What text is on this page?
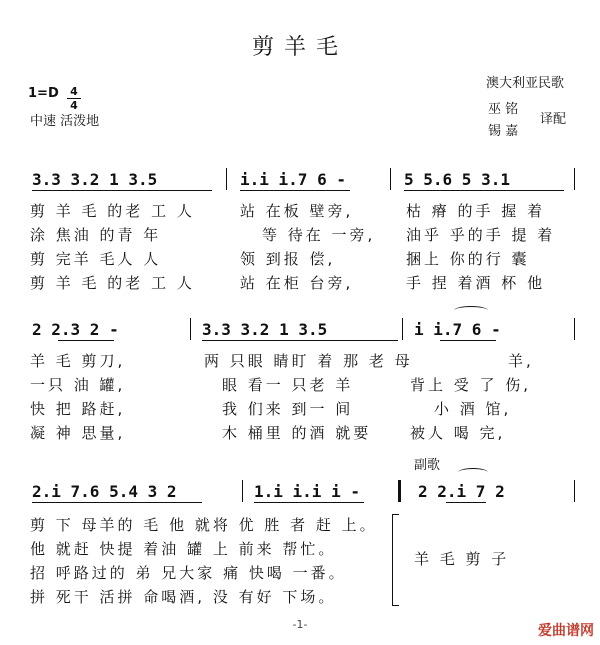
剪羊毛
1=D 4
4
中速 活泼地
澳大利亚民歌
巫 铭
锡 嘉
译配
3.3 3.2 1 3.5	i.i i.7 6 -	5 5.6 5 3.1
剪 羊 毛 的老 工 人	站 在板 壁旁,	枯 瘠 的手 握 着
涂 焦油 的青 年	等 待在 一旁, 油乎 乎的手 提 着
剪 完羊 毛人 人	领 到报 偿,	捆上 你的行 囊
剪 羊 毛 的老 工 人	站 在柜 台旁,	手 捏 着酒 杯 他
2 2.3 2 -	3.3 3.2 1 3.5	i i.7 6 -
羊 毛 剪刀,	两 只眼 睛盯 着 那 老 母	羊,
一只 油 罐,	眼 看一 只老 羊	背上 受 了 伤,
快 把 路赶,	我 们来 到一 间	小 酒 馆,
凝 神 思量,	木 桶里 的酒 就要	被人 喝 完,
副歌
2.i 7.6 5.4 3 2	1.i i.i i -	2 2.i 7 2
剪 下 母羊的 毛 他 就将 优 胜 者 赶 上。
他 就赶 快提 着油 罐 上 前来 帮忙。
招 呼路过的 弟 兄大家 痛 快喝 一番。
拼 死干 活拼 命喝酒, 没 有好 下场。
羊 毛 剪 子
-1-	爱曲谱网
